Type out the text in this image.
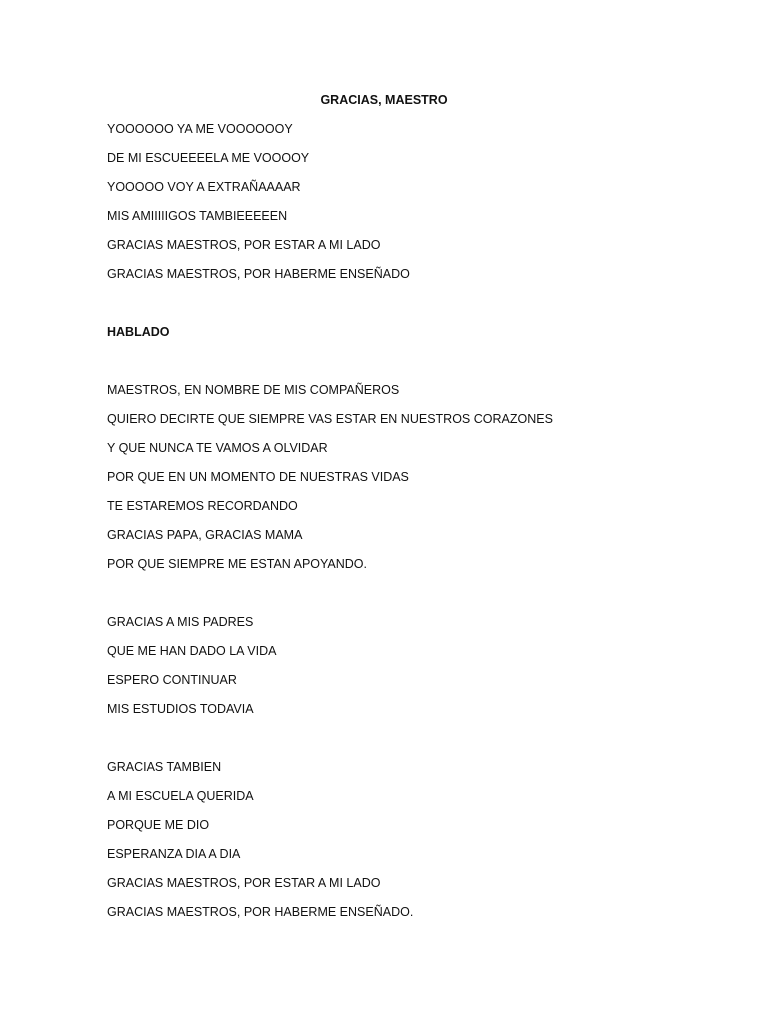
GRACIAS, MAESTRO
YOOOOOO YA ME VOOOOOOY
DE MI ESCUEEEELA ME VOOOOY
YOOOOO VOY A EXTRAÑAAAAR
MIS AMIIIIIGOS TAMBIEEEEEN
GRACIAS MAESTROS, POR ESTAR A MI LADO
GRACIAS MAESTROS, POR HABERME ENSEÑADO
HABLADO
MAESTROS, EN NOMBRE DE MIS COMPAÑEROS
QUIERO DECIRTE QUE SIEMPRE VAS ESTAR EN NUESTROS CORAZONES
Y QUE NUNCA TE VAMOS A OLVIDAR
POR QUE EN UN MOMENTO DE NUESTRAS VIDAS
TE ESTAREMOS RECORDANDO
GRACIAS PAPA, GRACIAS MAMA
POR QUE SIEMPRE ME ESTAN APOYANDO.
GRACIAS A MIS PADRES
QUE ME HAN DADO LA VIDA
ESPERO CONTINUAR
MIS ESTUDIOS TODAVIA
GRACIAS TAMBIEN
A MI ESCUELA QUERIDA
PORQUE ME DIO
ESPERANZA DIA A DIA
GRACIAS MAESTROS, POR ESTAR A MI LADO
GRACIAS MAESTROS, POR HABERME ENSEÑADO.
